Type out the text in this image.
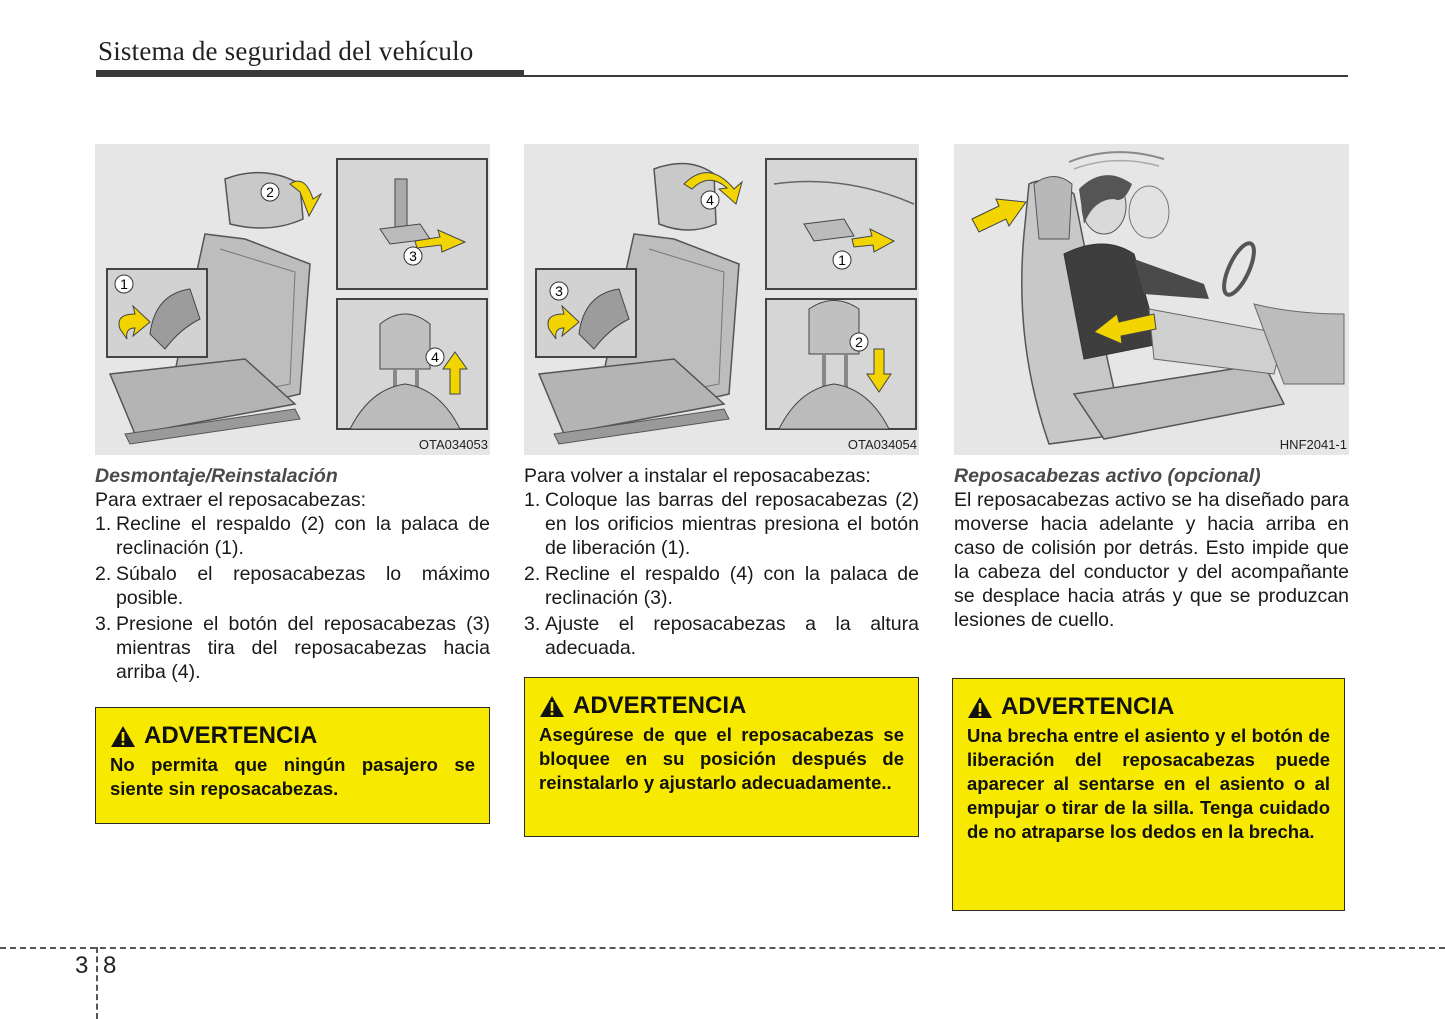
Sistema de seguridad del vehículo
1
2
3
4
OTA034053
Desmontaje/Reinstalación

Para extraer el reposacabezas:

1. Recline el respaldo (2) con la palaca de reclinación (1).
2. Súbalo el reposacabezas lo máximo posible.
3. Presione el botón del reposacabezas (3) mientras tira del reposacabezas hacia arriba (4).
ADVERTENCIA
No permita que ningún pasajero se siente sin reposacabezas.
1
2
3
4
OTA034054

Para volver a instalar el reposacabezas:

1. Coloque las barras del reposacabezas (2) en los orificios mientras presiona el botón de liberación (1).
2. Recline el respaldo (4) con la palaca de reclinación (3).
3. Ajuste el reposacabezas a la altura adecuada.
ADVERTENCIA
Asegúrese de que el reposacabezas se bloquee en su posición después de reinstalarlo y ajustarlo adecuadamente..
HNF2041-1
Reposacabezas activo (opcional)

El reposacabezas activo se ha diseñado para moverse hacia adelante y hacia arriba en caso de colisión por detrás. Esto impide que la cabeza del conductor y del acompañante se desplace hacia atrás y que se produzcan lesiones de cuello.

ADVERTENCIA
Una brecha entre el asiento y el botón de liberación del reposacabezas puede aparecer al sentarse en el asiento o al empujar o tirar de la silla. Tenga cuidado de no atraparse los dedos en la brecha.
3 8
